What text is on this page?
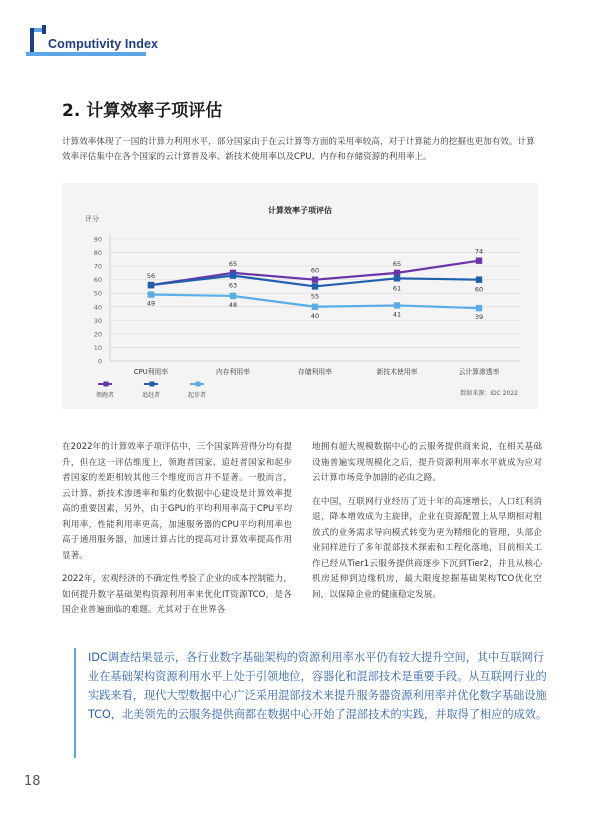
Computivity Index
2. 计算效率子项评估
计算效率体现了一国的计算力利用水平，部分国家由于在云计算等方面的采用率较高，对于计算能力的挖掘也更加有效。计算效率评估集中在各个国家的云计算普及率、新技术使用率以及CPU、内存和存储资源的利用率上。
计算效率子项评估
评分
0
10
20
30
40
50
60
70
80
90
CPU利用率	内存利用率	存储利用率	新技术使用率	云计算渗透率
56
65
60
65
74
63
55
61	60
49	48
40	41	39
领跑者	追赶者	起步者	数据来源：IDC 2022

在2022年的计算效率子项评估中，三个国家阵营得分均有提升，但在这一评估维度上，领跑者国家、追赶者国家和起步者国家的差距相较其他三个维度而言并不显著。一般而言，云计算、新技术渗透率和集约化数据中心建设是计算效率提高的重要因素，另外，由于GPU的平均利用率高于CPU平均利用率，性能利用率更高，加速服务器的CPU平均利用率也高于通用服务器，加速计算占比的提高对计算效率提高作用显著。

2022年，宏观经济的不确定性考验了企业的成本控制能力，如何提升数字基础架构资源利用率来优化IT资源TCO，是各国企业普遍面临的难题。尤其对于在世界各

地拥有超大规模数据中心的云服务提供商来说，在相关基础设施普遍实现规模化之后，提升资源利用率水平就成为应对云计算市场竞争加剧的必由之路。

在中国，互联网行业经历了近十年的高速增长，人口红利消退，降本增效成为主旋律，企业在资源配置上从早期相对粗放式的业务需求导向模式转变为更为精细化的管理，头部企业同样进行了多年混部技术探索和工程化落地，目前相关工作已经从Tier1云服务提供商逐步下沉到Tier2，并且从核心机房延伸到边缘机房，最大限度挖掘基础架构TCO优化空间，以保障企业的健康稳定发展。

IDC调查结果显示，各行业数字基础架构的资源利用率水平仍有较大提升空间，其中互联网行业在基础架构资源利用水平上处于引领地位，容器化和混部技术是重要手段。从互联网行业的实践来看，现代大型数据中心广泛采用混部技术来提升服务器资源利用率并优化数字基础设施TCO，北美领先的云服务提供商都在数据中心开始了混部技术的实践，并取得了相应的成效。
18
